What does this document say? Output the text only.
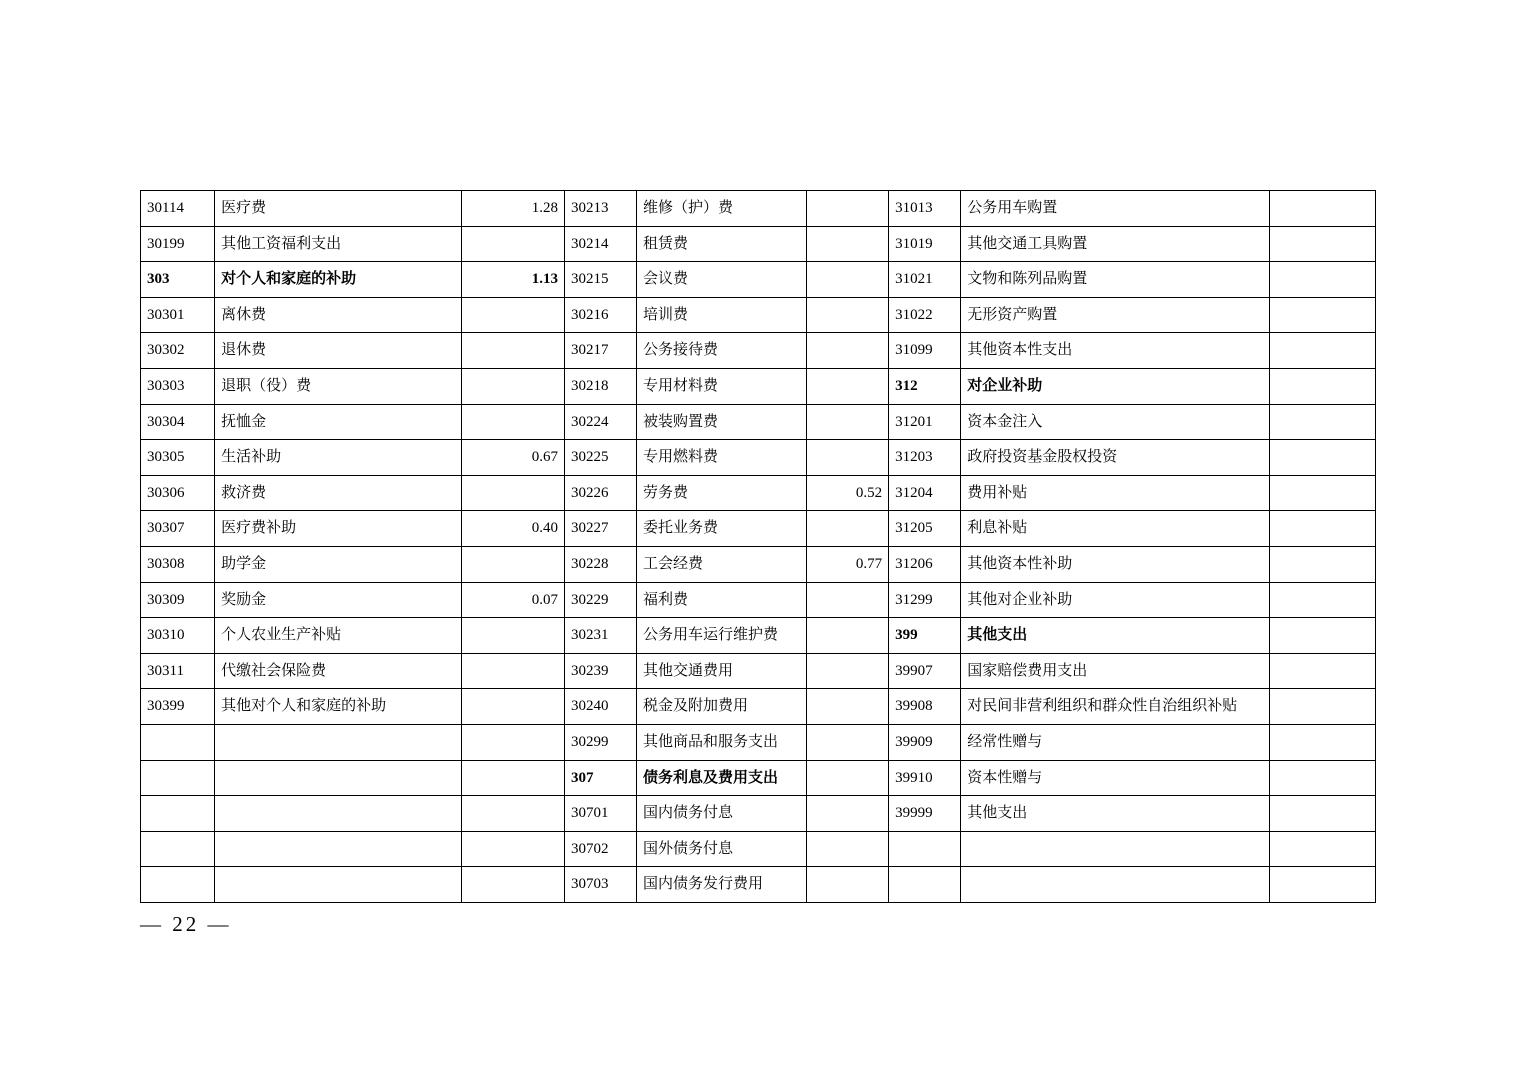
30114	医疗费	1.28	30213	维修（护）费		31013	公务用车购置	
30199	其他工资福利支出		30214	租赁费		31019	其他交通工具购置	
303	对个人和家庭的补助	1.13	30215	会议费		31021	文物和陈列品购置	
30301	离休费		30216	培训费		31022	无形资产购置	
30302	退休费		30217	公务接待费		31099	其他资本性支出	
30303	退职（役）费		30218	专用材料费		312	对企业补助	
30304	抚恤金		30224	被装购置费		31201	资本金注入	
30305	生活补助	0.67	30225	专用燃料费		31203	政府投资基金股权投资	
30306	救济费		30226	劳务费	0.52	31204	费用补贴	
30307	医疗费补助	0.40	30227	委托业务费		31205	利息补贴	
30308	助学金		30228	工会经费	0.77	31206	其他资本性补助	
30309	奖励金	0.07	30229	福利费		31299	其他对企业补助	
30310	个人农业生产补贴		30231	公务用车运行维护费		399	其他支出	
30311	代缴社会保险费		30239	其他交通费用		39907	国家赔偿费用支出	
30399	其他对个人和家庭的补助		30240	税金及附加费用		39908	对民间非营利组织和群众性自治组织补贴	
			30299	其他商品和服务支出		39909	经常性赠与	
			307	债务利息及费用支出		39910	资本性赠与	
			30701	国内债务付息		39999	其他支出	
			30702	国外债务付息				
			30703	国内债务发行费用				
— 22 —
